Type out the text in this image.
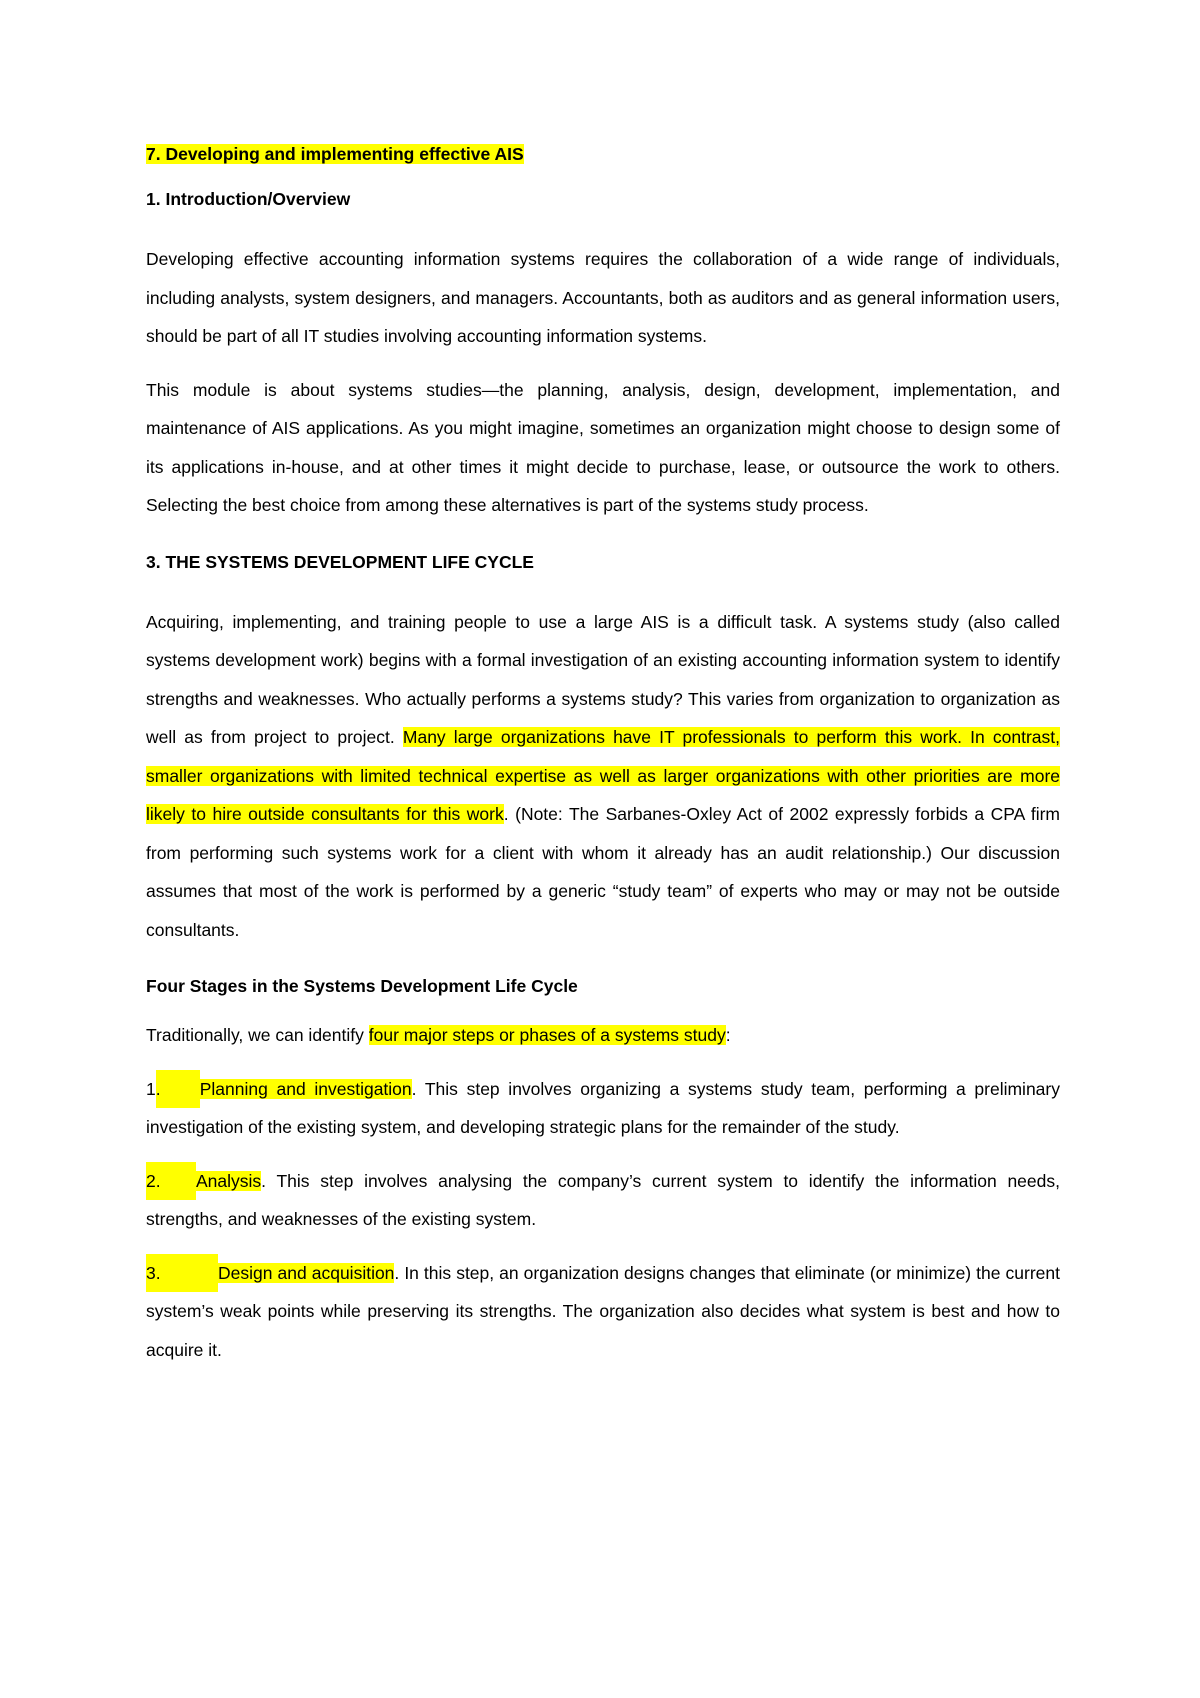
7. Developing and implementing effective AIS
1. Introduction/Overview

Developing effective accounting information systems requires the collaboration of a wide range of individuals, including analysts, system designers, and managers. Accountants, both as auditors and as general information users, should be part of all IT studies involving accounting information systems.

This module is about systems studies—the planning, analysis, design, development, implementation, and maintenance of AIS applications. As you might imagine, sometimes an organization might choose to design some of its applications in-house, and at other times it might decide to purchase, lease, or outsource the work to others. Selecting the best choice from among these alternatives is part of the systems study process.

3. THE SYSTEMS DEVELOPMENT LIFE CYCLE

Acquiring, implementing, and training people to use a large AIS is a difficult task. A systems study (also called systems development work) begins with a formal investigation of an existing accounting information system to identify strengths and weaknesses. Who actually performs a systems study? This varies from organization to organization as well as from project to project. Many large organizations have IT professionals to perform this work. In contrast, smaller organizations with limited technical expertise as well as larger organizations with other priorities are more likely to hire outside consultants for this work. (Note: The Sarbanes-Oxley Act of 2002 expressly forbids a CPA firm from performing such systems work for a client with whom it already has an audit relationship.) Our discussion assumes that most of the work is performed by a generic “study team” of experts who may or may not be outside consultants.

Four Stages in the Systems Development Life Cycle

Traditionally, we can identify four major steps or phases of a systems study:

1. Planning and investigation. This step involves organizing a systems study team, performing a preliminary investigation of the existing system, and developing strategic plans for the remainder of the study.

2. Analysis. This step involves analysing the company’s current system to identify the information needs, strengths, and weaknesses of the existing system.

3.	Design and acquisition. In this step, an organization designs changes that eliminate (or minimize) the current system’s weak points while preserving its strengths. The organization also decides what system is best and how to acquire it.
